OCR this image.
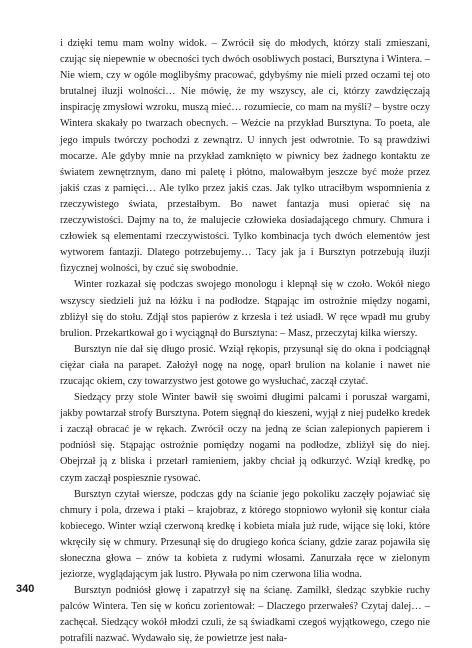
i dzięki temu mam wolny widok. – Zwrócił się do młodych, którzy stali zmieszani, czując się niepewnie w obecności tych dwóch osobliwych postaci, Bursztyna i Wintera. – Nie wiem, czy w ogóle moglibyśmy pracować, gdybyśmy nie mieli przed oczami tej oto brutalnej iluzji wolności… Nie mówię, że my wszyscy, ale ci, którzy zawdzięczają inspirację zmysłowi wzroku, muszą mieć… rozumiecie, co mam na myśli? – bystre oczy Wintera skakały po twarzach obecnych. – Weźcie na przykład Bursztyna. To poeta, ale jego impuls twórczy pochodzi z zewnątrz. U innych jest odwrotnie. To są prawdziwi mocarze. Ale gdyby mnie na przykład zamknięto w piwnicy bez żadnego kontaktu ze światem zewnętrznym, dano mi paletę i płótno, malowałbym jeszcze być może przez jakiś czas z pamięci… Ale tylko przez jakiś czas. Jak tylko utraciłbym wspomnienia z rzeczywistego świata, przestałbym. Bo nawet fantazja musi opierać się na rzeczywistości. Dajmy na to, że malujecie człowieka dosiadającego chmury. Chmura i człowiek są elementami rzeczywistości. Tylko kombinacja tych dwóch elementów jest wytworem fantazji. Dlatego potrzebujemy… Tacy jak ja i Bursztyn potrzebują iluzji fizycznej wolności, by czuć się swobodnie.

Winter rozkazał się podczas swojego monologu i klepnął się w czoło. Wokół niego wszyscy siedzieli już na łóżku i na podłodze. Stąpając im ostrożnie między nogami, zbliżył się do stołu. Zdjął stos papierów z krzesła i też usiadł. W ręce wpadł mu gruby brulion. Przekartkował go i wyciągnął do Bursztyna: – Masz, przeczytaj kilka wierszy.

Bursztyn nie dał się długo prosić. Wziął rękopis, przysunął się do okna i podciągnął ciężar ciała na parapet. Założył nogę na nogę, oparł brulion na kolanie i nawet nie rzucając okiem, czy towarzystwo jest gotowe go wysłuchać, zaczął czytać.

Siedzący przy stole Winter bawił się swoimi długimi palcami i poruszał wargami, jakby powtarzał strofy Bursztyna. Potem sięgnął do kieszeni, wyjął z niej pudełko kredek i zaczął obracać je w rękach. Zwrócił oczy na jedną ze ścian zalepionych papierem i podniósł się. Stąpając ostrożnie pomiędzy nogami na podłodze, zbliżył się do niej. Obejrzał ją z bliska i przetarł ramieniem, jakby chciał ją odkurzyć. Wziął kredkę, po czym zaczął pospiesznie rysować.

Bursztyn czytał wiersze, podczas gdy na ścianie jego pokoliku zaczęły pojawiać się chmury i pola, drzewa i ptaki – krajobraz, z którego stopniowo wyłonił się kontur ciała kobiecego. Winter wziął czerwoną kredkę i kobieta miała już rude, wijące się loki, które wkręciły się w chmury. Przesunął się do drugiego końca ściany, gdzie zaraz pojawiła się słoneczna głowa – znów ta kobieta z rudymi włosami. Zanurzała ręce w zielonym jeziorze, wyglądającym jak lustro. Pływała po nim czerwona lilia wodna.

Bursztyn podniósł głowę i zapatrzył się na ścianę. Zamilkł, śledząc szybkie ruchy palców Wintera. Ten się w końcu zorientował: – Dlaczego przerwałeś? Czytaj dalej… – zachęcał. Siedzący wokół młodzi czuli, że są świadkami czegoś wyjątkowego, czego nie potrafili nazwać. Wydawało się, że powietrze jest nała-

340
